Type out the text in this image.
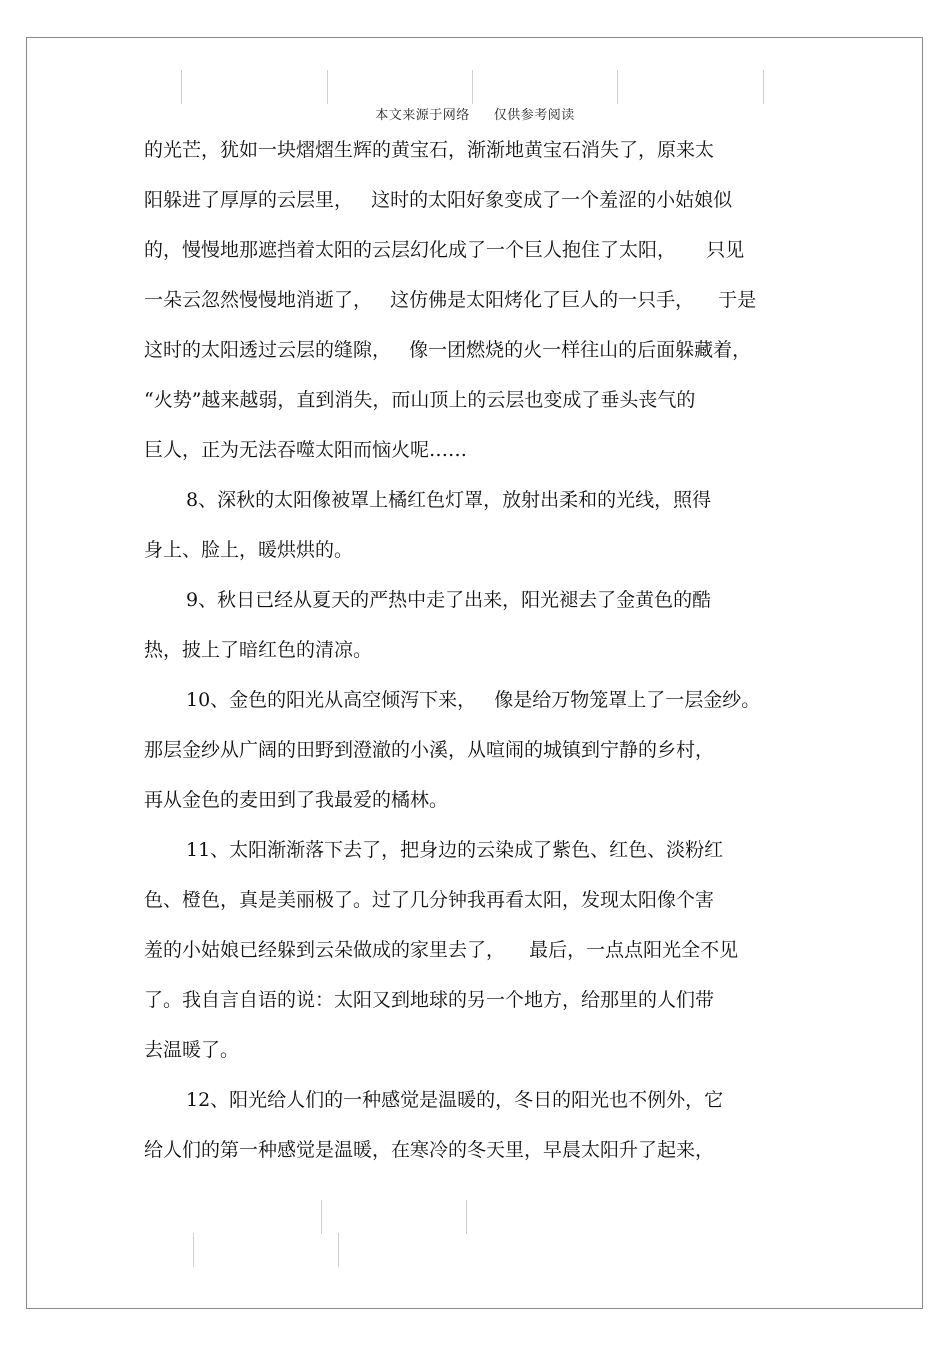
本文来源于网络 仅供参考阅读
的光芒，犹如一块熠熠生辉的黄宝石，渐渐地黄宝石消失了，原来太
阳躲进了厚厚的云层里，   这时的太阳好象变成了一个羞涩的小姑娘似
的，慢慢地那遮挡着太阳的云层幻化成了一个巨人抱住了太阳，     只见
一朵云忽然慢慢地消逝了，   这仿佛是太阳烤化了巨人的一只手，    于是
这时的太阳透过云层的缝隙，   像一团燃烧的火一样往山的后面躲藏着，
“火势”越来越弱，直到消失，而山顶上的云层也变成了垂头丧气的
巨人，正为无法吞噬太阳而恼火呢……
8、深秋的太阳像被罩上橘红色灯罩，放射出柔和的光线，照得
身上、脸上，暖烘烘的。
9、秋日已经从夏天的严热中走了出来，阳光褪去了金黄色的酷
热，披上了暗红色的清凉。
10、金色的阳光从高空倾泻下来，   像是给万物笼罩上了一层金纱。
那层金纱从广阔的田野到澄澈的小溪，从喧闹的城镇到宁静的乡村，
再从金色的麦田到了我最爱的橘林。
11、太阳渐渐落下去了，把身边的云染成了紫色、红色、淡粉红
色、橙色，真是美丽极了。过了几分钟我再看太阳，发现太阳像个害
羞的小姑娘已经躲到云朵做成的家里去了，    最后，一点点阳光全不见
了。我自言自语的说：太阳又到地球的另一个地方，给那里的人们带
去温暖了。
12、阳光给人们的一种感觉是温暖的，冬日的阳光也不例外，它
给人们的第一种感觉是温暖，在寒冷的冬天里，早晨太阳升了起来，
